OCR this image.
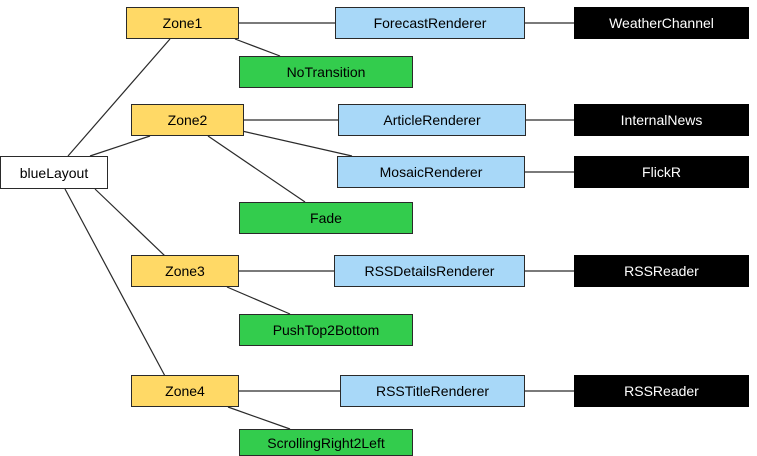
blueLayout
Zone1
Zone2
Zone3
Zone4
NoTransition
Fade
PushTop2Bottom
ScrollingRight2Left
ForecastRenderer
ArticleRenderer
MosaicRenderer
RSSDetailsRenderer
RSSTitleRenderer
WeatherChannel
InternalNews
FlickR
RSSReader
RSSReader
